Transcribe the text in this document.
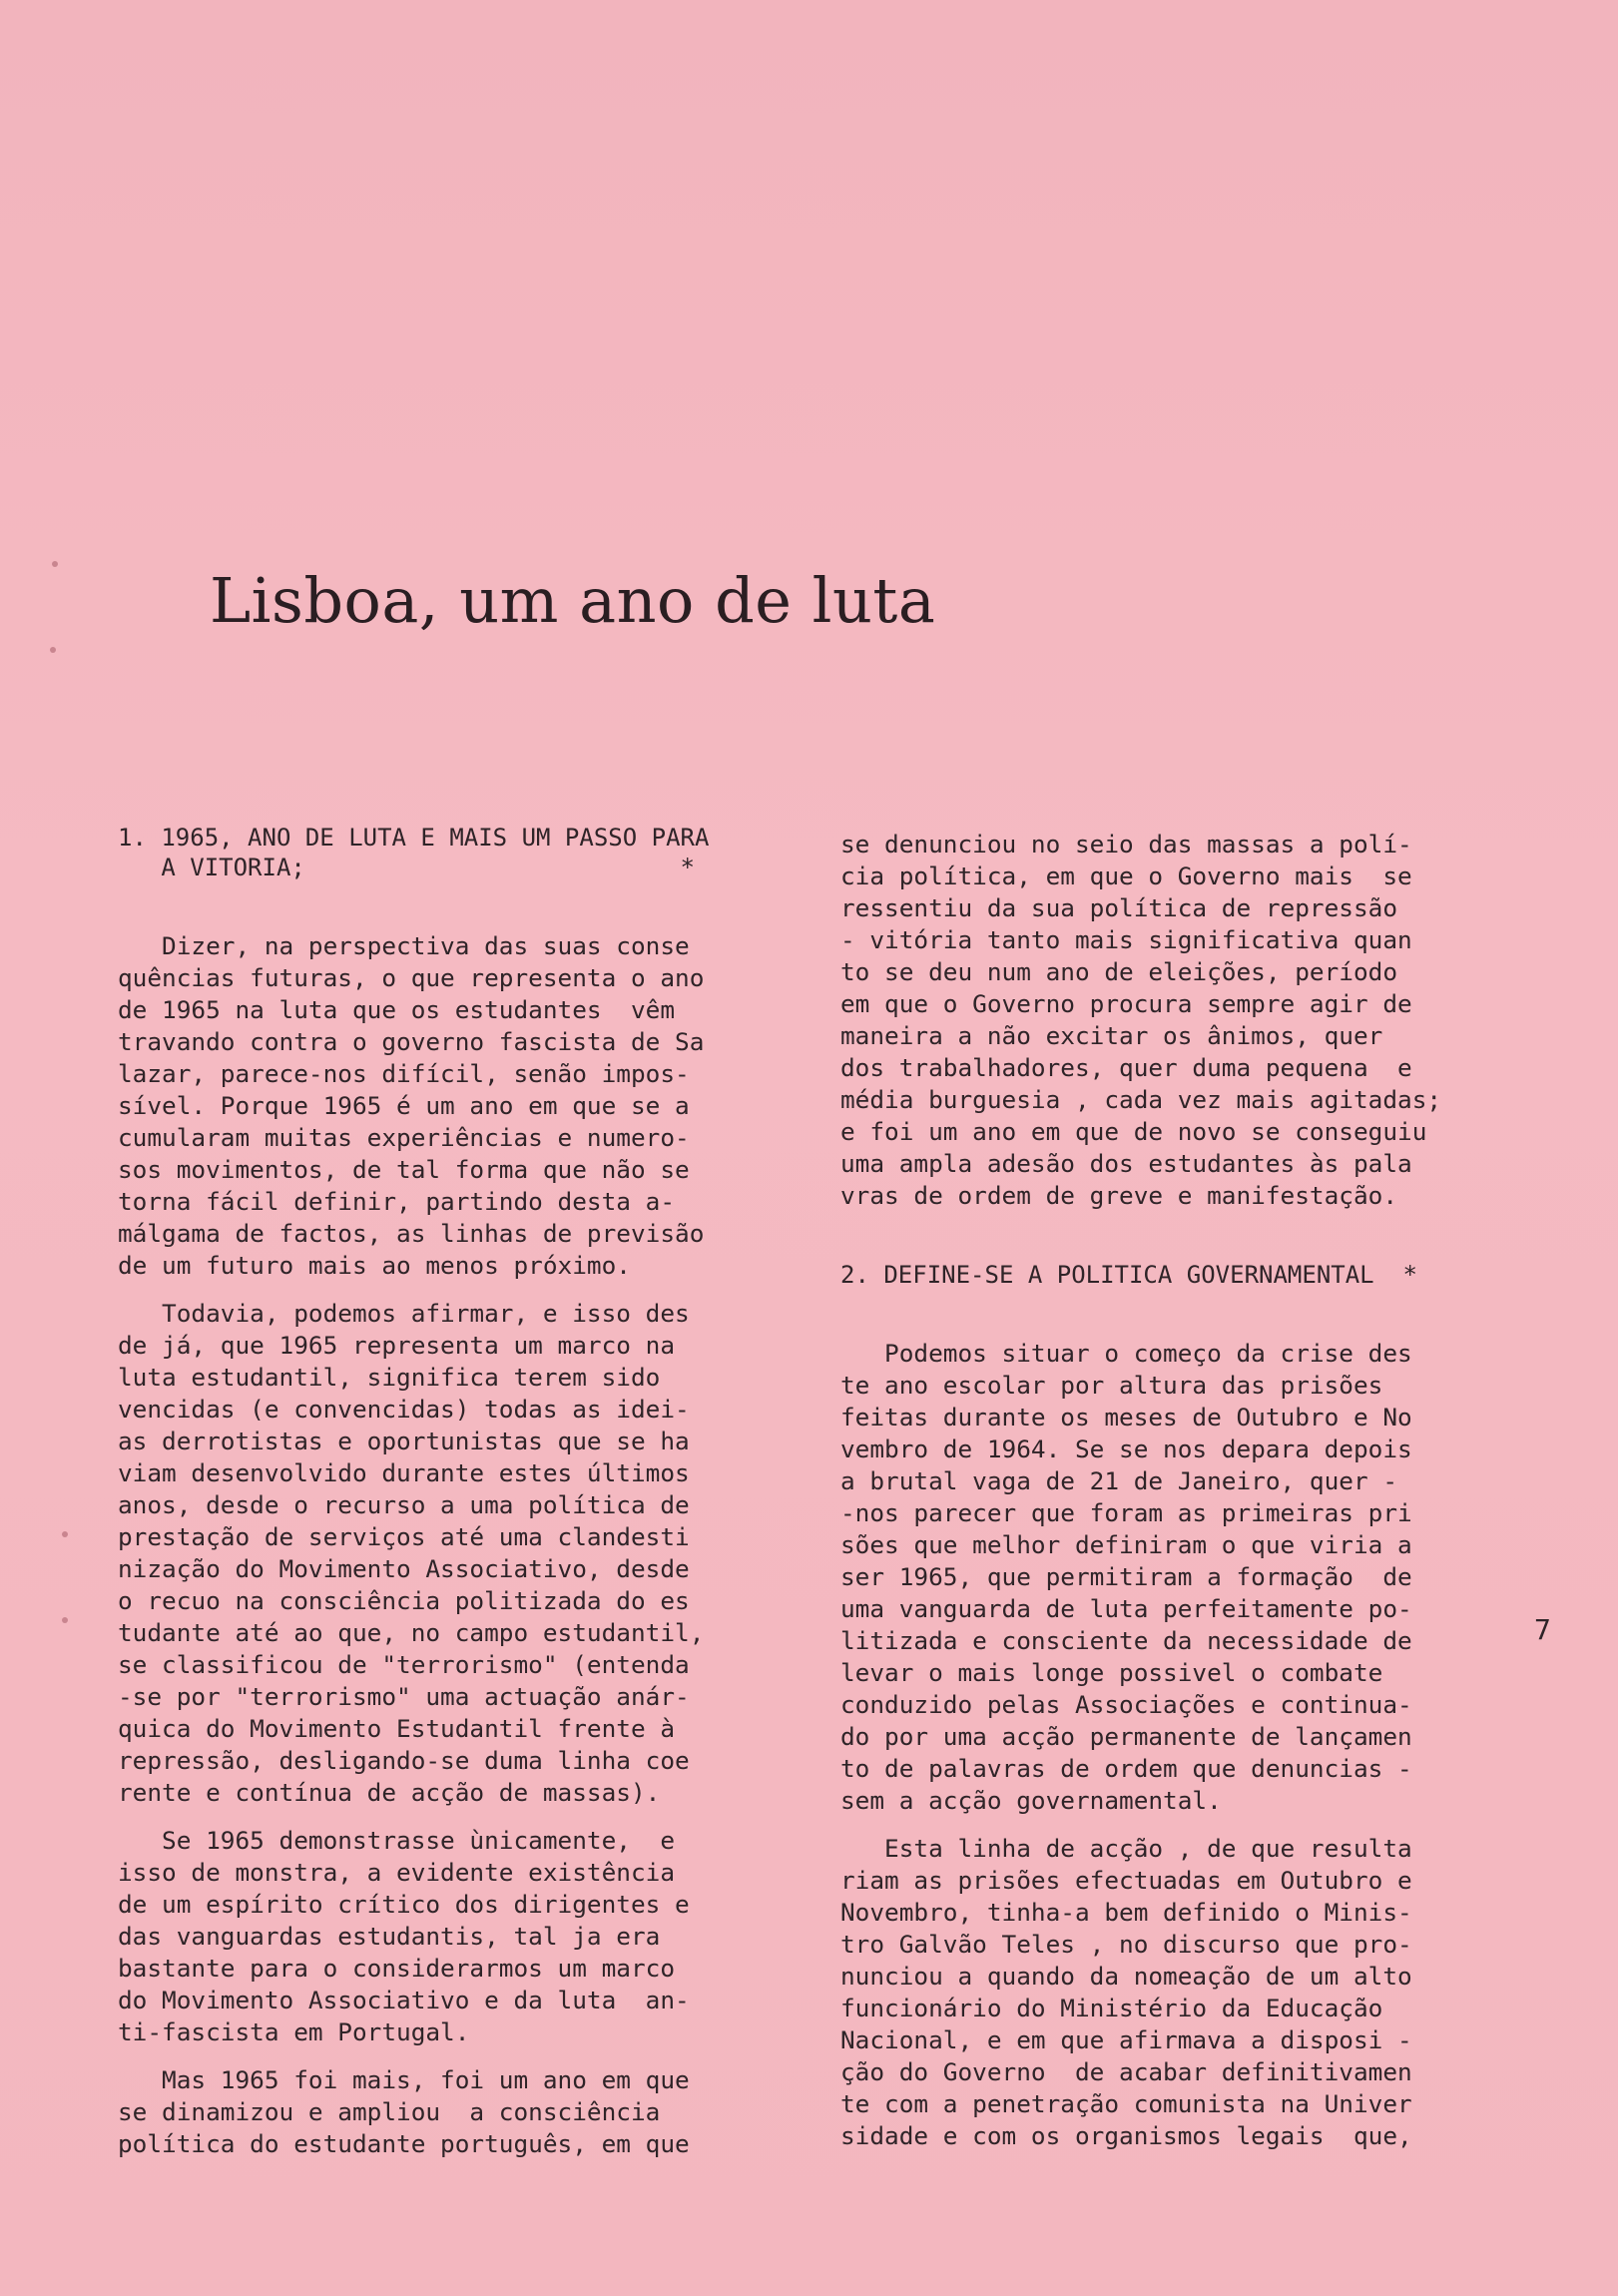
Lisboa, um ano de luta
1. 1965, ANO DE LUTA E MAIS UM PASSO PARA
A VITORIA;                          *
Dizer, na perspectiva das suas conse
quências futuras, o que representa o ano
de 1965 na luta que os estudantes  vêm
travando contra o governo fascista de Sa
lazar, parece-nos difícil, senão impos-
sível. Porque 1965 é um ano em que se a
cumularam muitas experiências e numero-
sos movimentos, de tal forma que não se
torna fácil definir, partindo desta a-
málgama de factos, as linhas de previsão
de um futuro mais ao menos próximo.
Todavia, podemos afirmar, e isso des
de já, que 1965 representa um marco na
luta estudantil, significa terem sido
vencidas (e convencidas) todas as idei-
as derrotistas e oportunistas que se ha
viam desenvolvido durante estes últimos
anos, desde o recurso a uma política de
prestação de serviços até uma clandesti
nização do Movimento Associativo, desde
o recuo na consciência politizada do es
tudante até ao que, no campo estudantil,
se classificou de "terrorismo" (entenda
-se por "terrorismo" uma actuação anár-
quica do Movimento Estudantil frente à
repressão, desligando-se duma linha coe
rente e contínua de acção de massas).
Se 1965 demonstrasse ùnicamente,  e
isso de monstra, a evidente existência
de um espírito crítico dos dirigentes e
das vanguardas estudantis, tal ja era
bastante para o considerarmos um marco
do Movimento Associativo e da luta  an-
ti-fascista em Portugal.
Mas 1965 foi mais, foi um ano em que
se dinamizou e ampliou  a consciência
política do estudante português, em que
se denunciou no seio das massas a polí-
cia política, em que o Governo mais  se
ressentiu da sua política de repressão
- vitória tanto mais significativa quan
to se deu num ano de eleições, período
em que o Governo procura sempre agir de
maneira a não excitar os ânimos, quer
dos trabalhadores, quer duma pequena  e
média burguesia , cada vez mais agitadas;
e foi um ano em que de novo se conseguiu
uma ampla adesão dos estudantes às pala
vras de ordem de greve e manifestação.
2. DEFINE-SE A POLITICA GOVERNAMENTAL  *
Podemos situar o começo da crise des
te ano escolar por altura das prisões
feitas durante os meses de Outubro e No
vembro de 1964. Se se nos depara depois
a brutal vaga de 21 de Janeiro, quer -
-nos parecer que foram as primeiras pri
sões que melhor definiram o que viria a
ser 1965, que permitiram a formação  de
uma vanguarda de luta perfeitamente po-
litizada e consciente da necessidade de
levar o mais longe possivel o combate
conduzido pelas Associações e continua-
do por uma acção permanente de lançamen
to de palavras de ordem que denuncias -
sem a acção governamental.
Esta linha de acção , de que resulta
riam as prisões efectuadas em Outubro e
Novembro, tinha-a bem definido o Minis-
tro Galvão Teles , no discurso que pro-
nunciou a quando da nomeação de um alto
funcionário do Ministério da Educação
Nacional, e em que afirmava a disposi -
ção do Governo  de acabar definitivamen
te com a penetração comunista na Univer
sidade e com os organismos legais  que,
7
